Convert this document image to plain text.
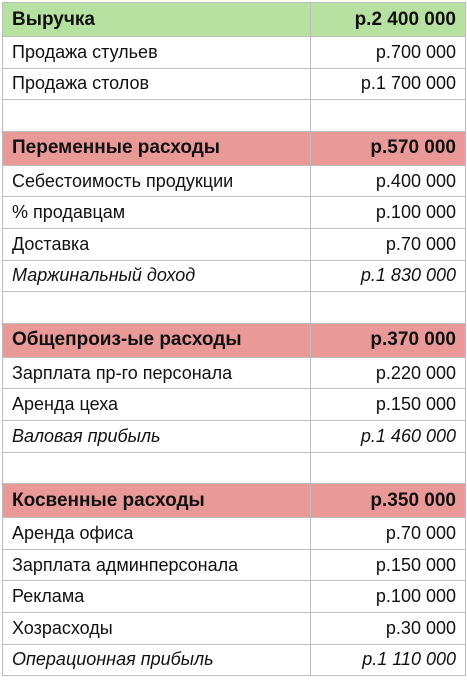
Выручка	р.2 400 000
Продажа стульев	р.700 000
Продажа столов	р.1 700 000

Переменные расходы	р.570 000
Себестоимость продукции	р.400 000
% продавцам	р.100 000
Доставка	р.70 000
Маржинальный доход	р.1 830 000

Общепроиз-ые расходы	р.370 000
Зарплата пр-го персонала	р.220 000
Аренда цеха	р.150 000
Валовая прибыль	р.1 460 000

Косвенные расходы	р.350 000
Аренда офиса	р.70 000
Зарплата админперсонала	р.150 000
Реклама	р.100 000
Хозрасходы	р.30 000
Операционная прибыль	р.1 110 000
